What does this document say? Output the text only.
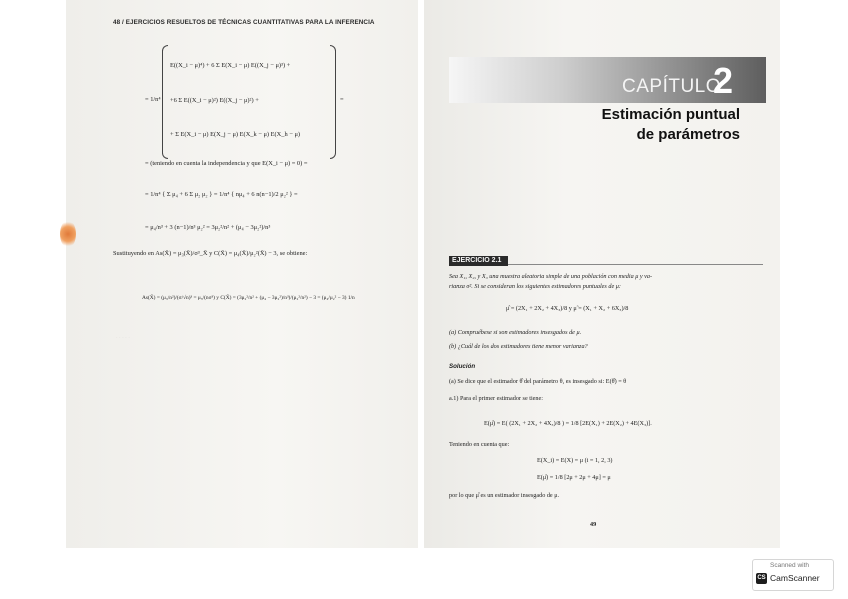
48 / EJERCICIOS RESUELTOS DE TÉCNICAS CUANTITATIVAS PARA LA INFERENCIA
= 1/n⁴
E((X_i − μ)⁴) + 6 Σ E(X_i − μ) E((X_j − μ)³) +
+6 Σ E((X_i − μ)²) E((X_j − μ)²) +
+ Σ E(X_i − μ) E(X_j − μ) E(X_k − μ) E(X_h − μ)
=
= (teniendo en cuenta la independencia y que E(X_i − μ) = 0) =
= 1/n⁴ { Σ μ₄ + 6 Σ μ₂ μ₂ } = 1/n⁴ { nμ₄ + 6 n(n−1)/2 μ₂² } =
= μ₄/n³ + 3 (n−1)/n³ μ₂² = 3μ₂²/n² + (μ₄ − 3μ₂²)/n³
Sustituyendo en As(X̄) = μ₃(X̄)/σ³_X̄ y C(X̄) = μ₄(X̄)/μ₂²(X̄) − 3, se obtiene:
As(X̄) = (μ₃/n²)/(σ/√n)³ = μ₃/(nσ³) y C(X̄) = (3μ₂²/n² + (μ₄ − 3μ₂²)/n³)/(μ₂²/n²) − 3 = (μ₄/μ₂² − 3) 1/n
· · · · ·
CAPÍTULO
2
Estimación puntual
de parámetros
EJERCICIO 2.1
Sea X₁, X₂, y X₃ una muestra aleatoria simple de una población con media μ y va-
rianza σ². Si se consideran los siguientes estimadores puntuales de μ:
μ̂ = (2X₁ + 2X₂ + 4X₃)/8 y μ̃ = (X₁ + X₂ + 6X₃)/8
(a) Compruébese si son estimadores insesgados de μ.
(b) ¿Cuál de los dos estimadores tiene menor varianza?
Solución
(a) Se dice que el estimador θ̂ del parámetro θ, es insesgado si: E(θ̂) = θ
a.1) Para el primer estimador se tiene:
E(μ̂) = E( (2X₁ + 2X₂ + 4X₃)/8 ) = 1/8 [2E(X₁) + 2E(X₂) + 4E(X₃)].
Teniendo en cuenta que:
E(X_i) = E(X) = μ (i = 1, 2, 3)
E(μ̂) = 1/8 [2μ + 2μ + 4μ] = μ
por lo que μ̂ es un estimador insesgado de μ.
49
Scanned with
CS CamScanner
